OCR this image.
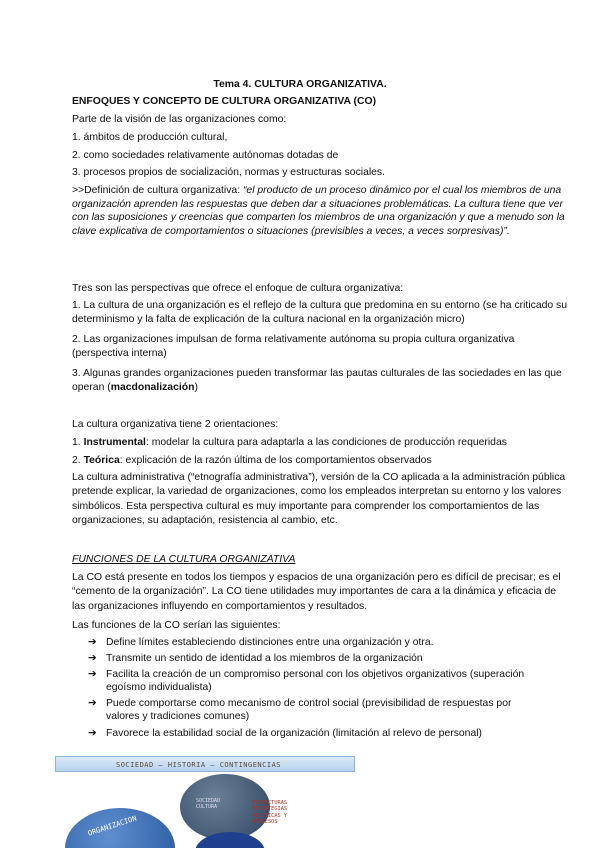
Tema 4. CULTURA ORGANIZATIVA.
ENFOQUES Y CONCEPTO DE CULTURA ORGANIZATIVA (CO)
Parte de la visión de las organizaciones como:
1. ámbitos de producción cultural,
2. como sociedades relativamente autónomas dotadas de
3. procesos propios de socialización, normas y estructuras sociales.
>>Definición de cultura organizativa: “el producto de un proceso dinámico por el cual los miembros de una organización aprenden las respuestas que deben dar a situaciones problemáticas. La cultura tiene que ver con las suposiciones y creencias que comparten los miembros de una organización y que a menudo son la clave explicativa de comportamientos o situaciones (previsibles a veces, a veces sorpresivas)”.
Tres son las perspectivas que ofrece el enfoque de cultura organizativa:
1. La cultura de una organización es el reflejo de la cultura que predomina en su entorno (se ha criticado su determinismo y la falta de explicación de la cultura nacional en la organización micro)
2. Las organizaciones impulsan de forma relativamente autónoma su propia cultura organizativa (perspectiva interna)
3. Algunas grandes organizaciones pueden transformar las pautas culturales de las sociedades en las que operan (macdonalización)
La cultura organizativa tiene 2 orientaciones:
1. Instrumental: modelar la cultura para adaptarla a las condiciones de producción requeridas
2. Teórica: explicación de la razón última de los comportamientos observados
La cultura administrativa (“etnografía administrativa”), versión de la CO aplicada a la administración pública pretende explicar, la variedad de organizaciones, como los empleados interpretan su entorno y los valores simbólicos. Esta perspectiva cultural es muy importante para comprender los comportamientos de las organizaciones, su adaptación, resistencia al cambio, etc.
FUNCIONES DE LA CULTURA ORGANIZATIVA
La CO está presente en todos los tiempos y espacios de una organización pero es difícil de precisar; es el “cemento de la organización”. La CO tiene utilidades muy importantes de cara a la dinámica y eficacia de las organizaciones influyendo en comportamientos y resultados.
Las funciones de la CO serían las siguientes:
➔ Define límites estableciendo distinciones entre una organización y otra.
➔ Transmite un sentido de identidad a los miembros de la organización
➔ Facilita la creación de un compromiso personal con los objetivos organizativos (superación
egoísmo individualista)
➔ Puede comportarse como mecanismo de control social (previsibilidad de respuestas por
valores y tradiciones comunes)
➔ Favorece la estabilidad social de la organización (limitación al relevo de personal)
SOCIEDAD – HISTORIA – CONTINGENCIAS
SOCIEDAD
CULTURA
ESTRUCTURAS
ESTRATEGIAS
POLITICAS Y
PROCESOS
ORGANIZACION
